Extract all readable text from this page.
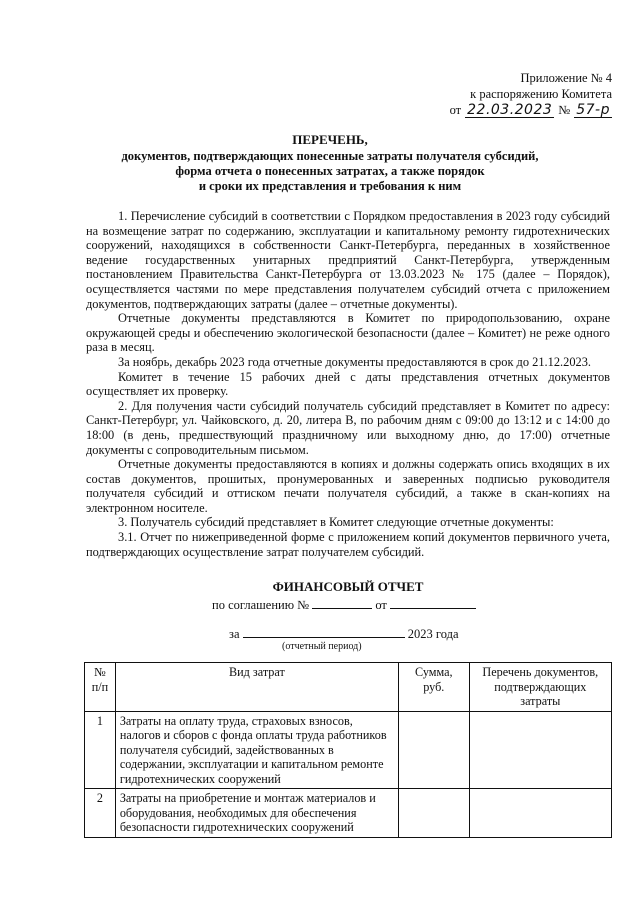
Приложение № 4
к распоряжению Комитета
от 22.03.2023 № 57-р
ПЕРЕЧЕНЬ,
документов, подтверждающих понесенные затраты получателя субсидий,
форма отчета о понесенных затратах, а также порядок
и сроки их представления и требования к ним

1. Перечисление субсидий в соответствии с Порядком предоставления в 2023 году субсидий на возмещение затрат по содержанию, эксплуатации и капитальному ремонту гидротехнических сооружений, находящихся в собственности Санкт-Петербурга, переданных в хозяйственное ведение государственных унитарных предприятий Санкт-Петербурга, утвержденным постановлением Правительства Санкт-Петербурга от 13.03.2023 № 175 (далее – Порядок), осуществляется частями по мере представления получателем субсидий отчета с приложением документов, подтверждающих затраты (далее – отчетные документы).

Отчетные документы представляются в Комитет по природопользованию, охране окружающей среды и обеспечению экологической безопасности (далее – Комитет) не реже одного раза в месяц.

За ноябрь, декабрь 2023 года отчетные документы предоставляются в срок до 21.12.2023.

Комитет в течение 15 рабочих дней с даты представления отчетных документов осуществляет их проверку.

2. Для получения части субсидий получатель субсидий представляет в Комитет по адресу: Санкт-Петербург, ул. Чайковского, д. 20, литера В, по рабочим дням с 09:00 до 13:12 и с 14:00 до 18:00 (в день, предшествующий праздничному или выходному дню, до 17:00) отчетные документы с сопроводительным письмом.

Отчетные документы предоставляются в копиях и должны содержать опись входящих в их состав документов, прошитых, пронумерованных и заверенных подписью руководителя получателя субсидий и оттиском печати получателя субсидий, а также в скан-копиях на электронном носителе.

3. Получатель субсидий представляет в Комитет следующие отчетные документы:

3.1. Отчет по нижеприведенной форме с приложением копий документов первичного учета, подтверждающих осуществление затрат получателем субсидий.

ФИНАНСОВЫЙ ОТЧЕТ
по соглашению №	от
за	2023 года
(отчетный период)
№ п/п	Вид затрат	Сумма, руб.	Перечень документов, подтверждающих затраты
1	Затраты на оплату труда, страховых взносов, налогов и сборов с фонда оплаты труда работников получателя субсидий, задействованных в содержании, эксплуатации и капитальном ремонте гидротехнических сооружений		
2	Затраты на приобретение и монтаж материалов и оборудования, необходимых для обеспечения безопасности гидротехнических сооружений		
